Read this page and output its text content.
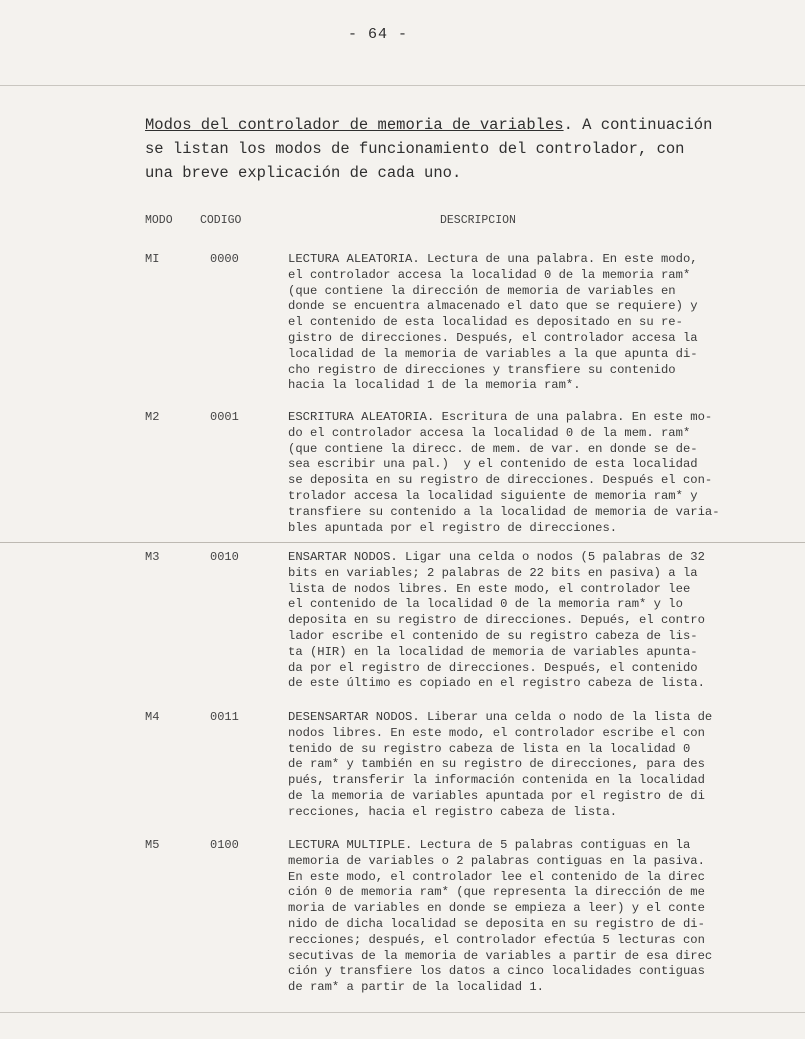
- 64 -
Modos del controlador de memoria de variables. A continuación
se listan los modos de funcionamiento del controlador, con
una breve explicación de cada uno.
MODO CODIGO	DESCRIPCION
MI	0000	LECTURA ALEATORIA. Lectura de una palabra. En este modo,
el controlador accesa la localidad 0 de la memoria ram*
(que contiene la dirección de memoria de variables en
donde se encuentra almacenado el dato que se requiere) y
el contenido de esta localidad es depositado en su re-
gistro de direcciones. Después, el controlador accesa la
localidad de la memoria de variables a la que apunta di-
cho registro de direcciones y transfiere su contenido
hacia la localidad 1 de la memoria ram*.
M2	0001	ESCRITURA ALEATORIA. Escritura de una palabra. En este mo-
do el controlador accesa la localidad 0 de la mem. ram*
(que contiene la direcc. de mem. de var. en donde se de-
sea escribir una pal.)  y el contenido de esta localidad
se deposita en su registro de direcciones. Después el con-
trolador accesa la localidad siguiente de memoria ram* y
transfiere su contenido a la localidad de memoria de varia-
bles apuntada por el registro de direcciones.
M3	0010	ENSARTAR NODOS. Ligar una celda o nodos (5 palabras de 32
bits en variables; 2 palabras de 22 bits en pasiva) a la
lista de nodos libres. En este modo, el controlador lee
el contenido de la localidad 0 de la memoria ram* y lo
deposita en su registro de direcciones. Depués, el contro
lador escribe el contenido de su registro cabeza de lis-
ta (HIR) en la localidad de memoria de variables apunta-
da por el registro de direcciones. Después, el contenido
de este último es copiado en el registro cabeza de lista.
M4	0011	DESENSARTAR NODOS. Liberar una celda o nodo de la lista de
nodos libres. En este modo, el controlador escribe el con
tenido de su registro cabeza de lista en la localidad 0
de ram* y también en su registro de direcciones, para des
pués, transferir la información contenida en la localidad
de la memoria de variables apuntada por el registro de di
recciones, hacia el registro cabeza de lista.
M5	0100	LECTURA MULTIPLE. Lectura de 5 palabras contiguas en la
memoria de variables o 2 palabras contiguas en la pasiva.
En este modo, el controlador lee el contenido de la direc
ción 0 de memoria ram* (que representa la dirección de me
moria de variables en donde se empieza a leer) y el conte
nido de dicha localidad se deposita en su registro de di-
recciones; después, el controlador efectúa 5 lecturas con
secutivas de la memoria de variables a partir de esa direc
ción y transfiere los datos a cinco localidades contiguas
de ram* a partir de la localidad 1.
